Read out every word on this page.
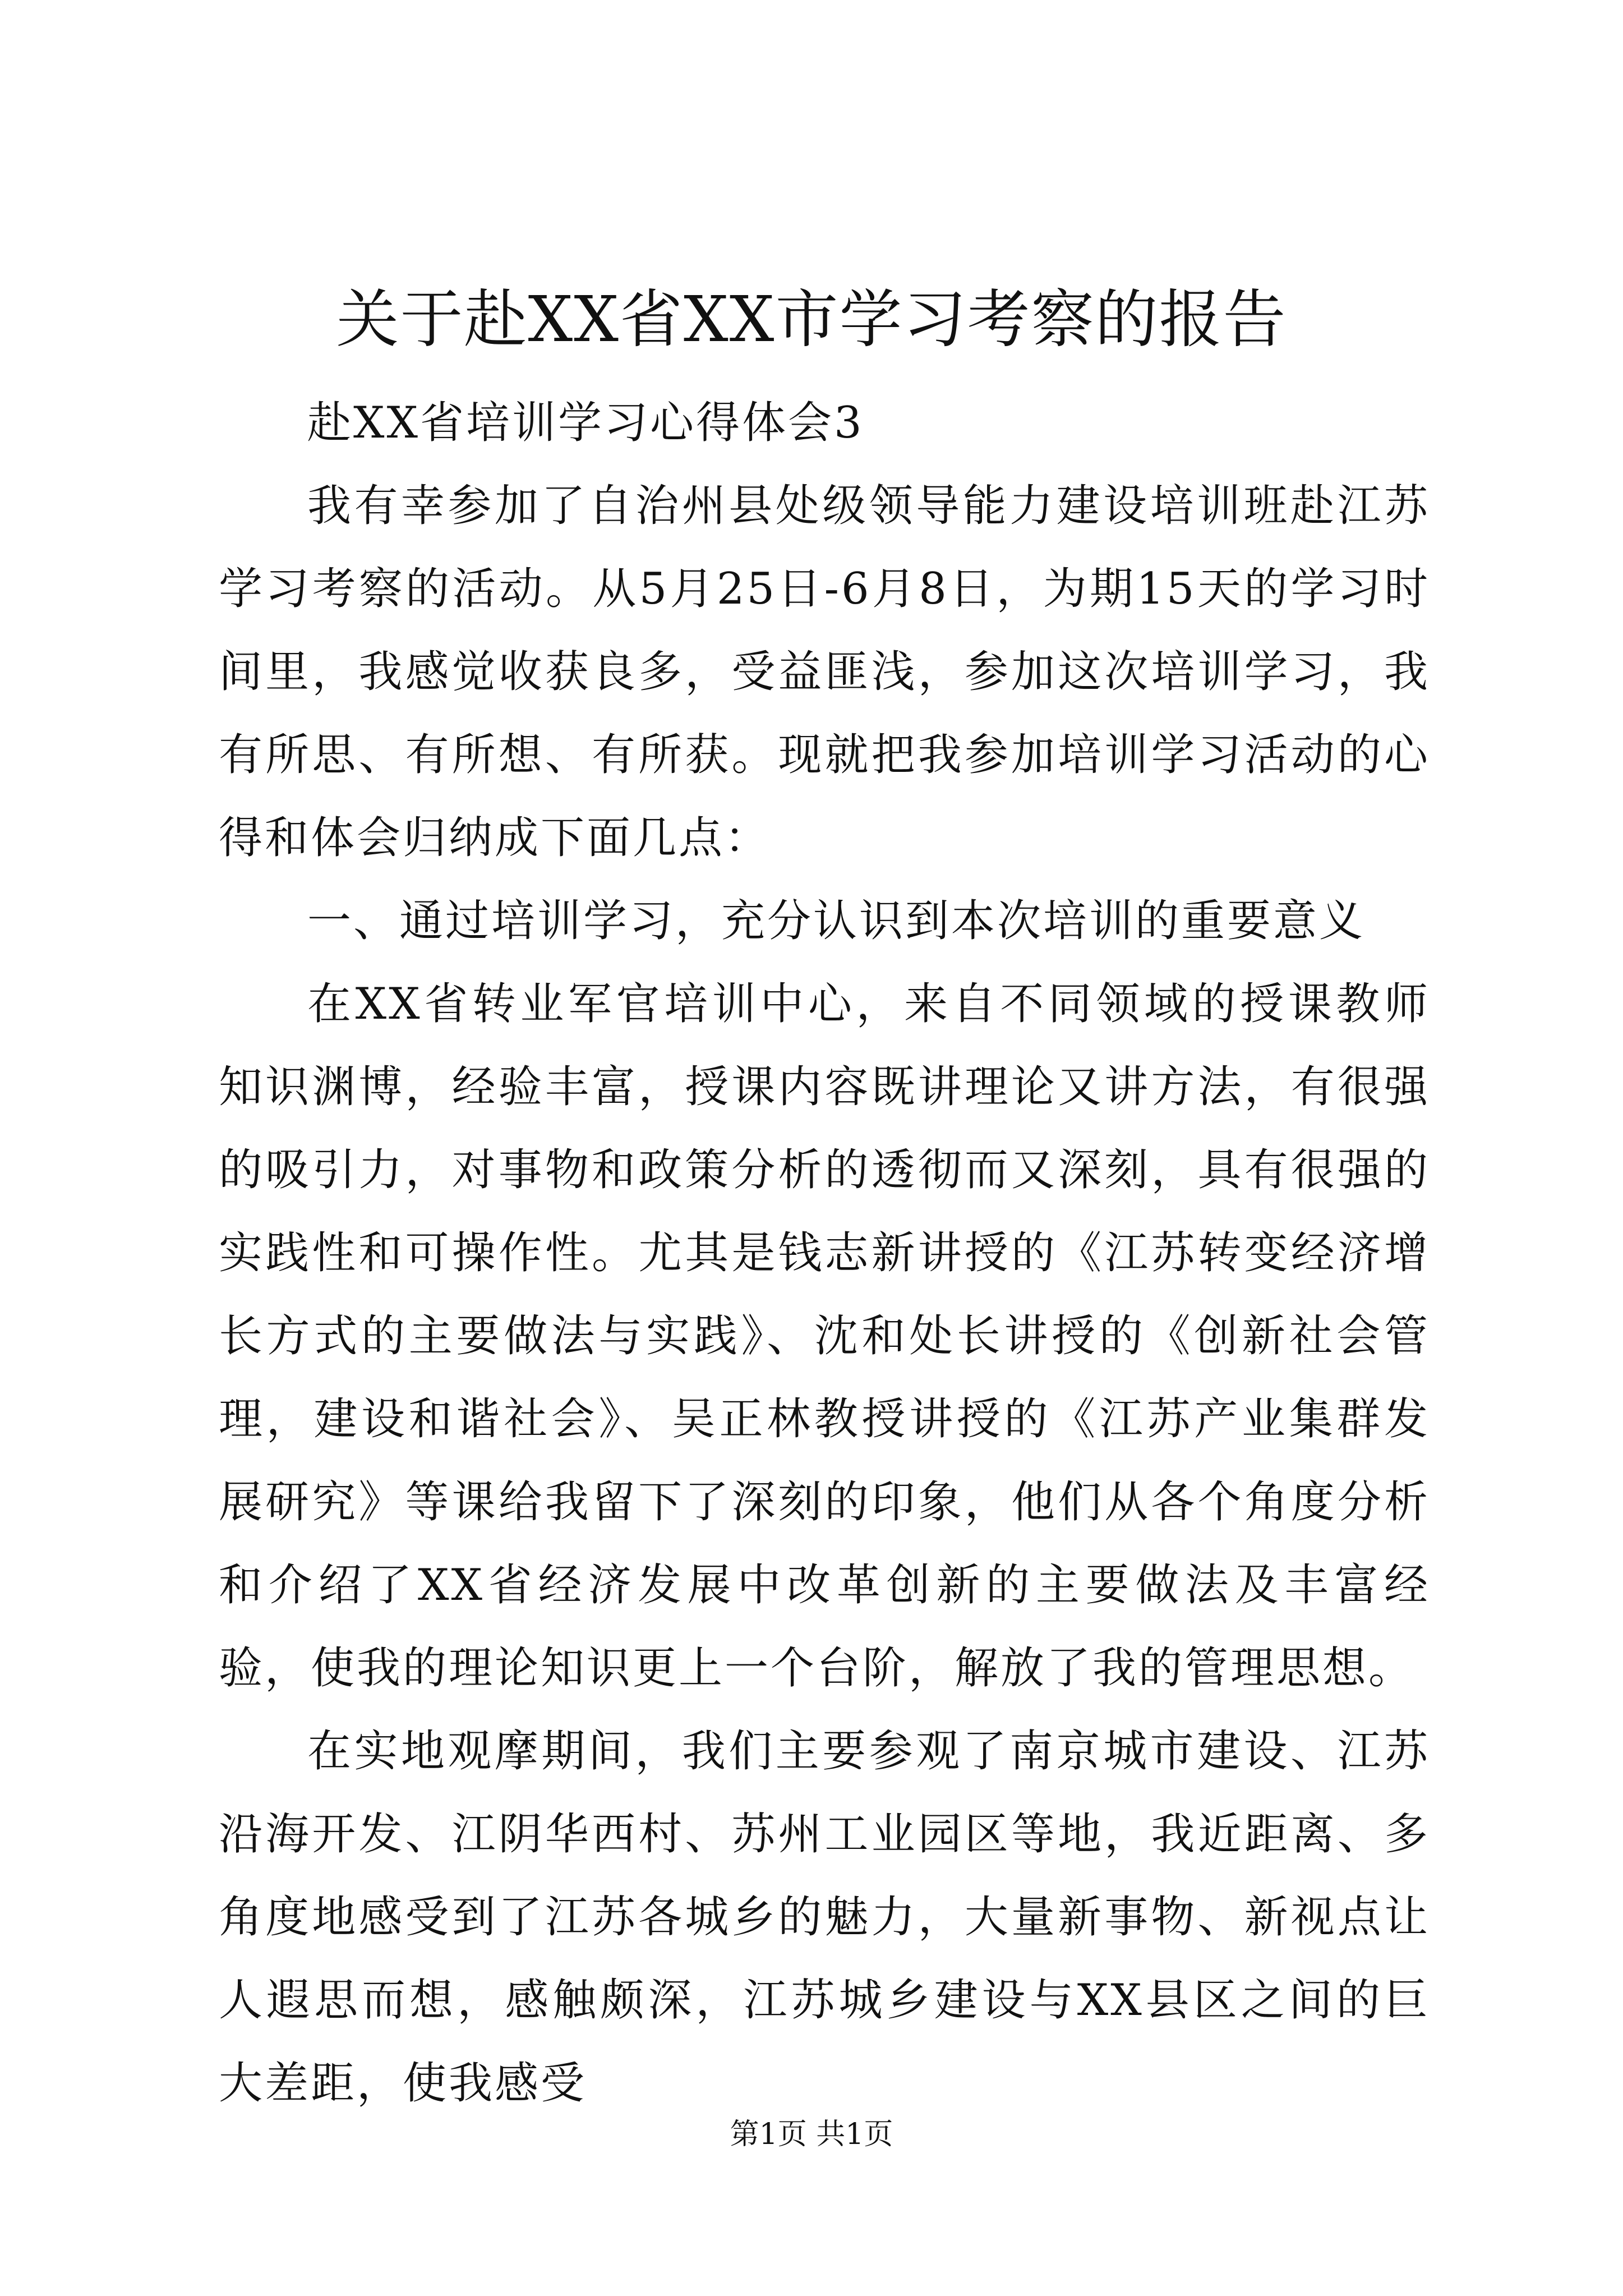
关于赴XX省XX市学习考察的报告

赴XX省培训学习心得体会3

我有幸参加了自治州县处级领导能力建设培训班赴江苏学习考察的活动。从5月25日-6月8日，为期15天的学习时间里，我感觉收获良多，受益匪浅，参加这次培训学习，我有所思、有所想、有所获。现就把我参加培训学习活动的心得和体会归纳成下面几点：

一、通过培训学习，充分认识到本次培训的重要意义

在XX省转业军官培训中心，来自不同领域的授课教师知识渊博，经验丰富，授课内容既讲理论又讲方法，有很强的吸引力，对事物和政策分析的透彻而又深刻，具有很强的实践性和可操作性。尤其是钱志新讲授的《江苏转变经济增长方式的主要做法与实践》、沈和处长讲授的《创新社会管理，建设和谐社会》、吴正林教授讲授的《江苏产业集群发展研究》等课给我留下了深刻的印象，他们从各个角度分析和介绍了XX省经济发展中改革创新的主要做法及丰富经验，使我的理论知识更上一个台阶，解放了我的管理思想。

在实地观摩期间，我们主要参观了南京城市建设、江苏沿海开发、江阴华西村、苏州工业园区等地，我近距离、多角度地感受到了江苏各城乡的魅力，大量新事物、新视点让人遐思而想，感触颇深，江苏城乡建设与XX县区之间的巨大差距，使我感受

第1页 共1页
